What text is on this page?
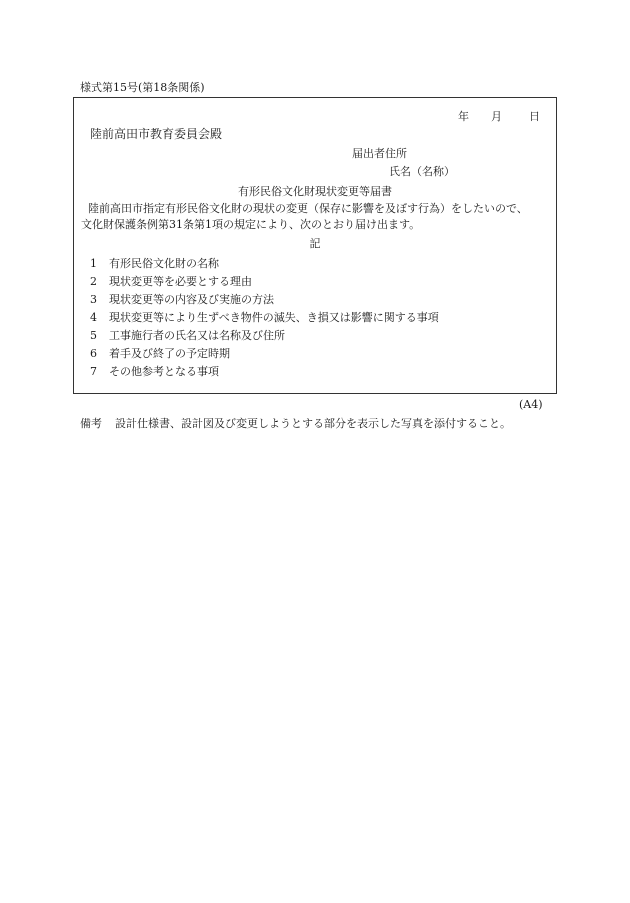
様式第15号(第18条関係)
年 月 日
陸前高田市教育委員会殿
届出者住所
氏名（名称）
有形民俗文化財現状変更等届書
陸前高田市指定有形民俗文化財の現状の変更（保存に影響を及ぼす行為）をしたいので、
文化財保護条例第31条第1項の規定により、次のとおり届け出ます。
記
1 有形民俗文化財の名称
2 現状変更等を必要とする理由
3 現状変更等の内容及び実施の方法
4 現状変更等により生ずべき物件の滅失、き損又は影響に関する事項
5 工事施行者の氏名又は名称及び住所
6 着手及び終了の予定時期
7 その他参考となる事項
(A4)
備考 設計仕様書、設計図及び変更しようとする部分を表示した写真を添付すること。
